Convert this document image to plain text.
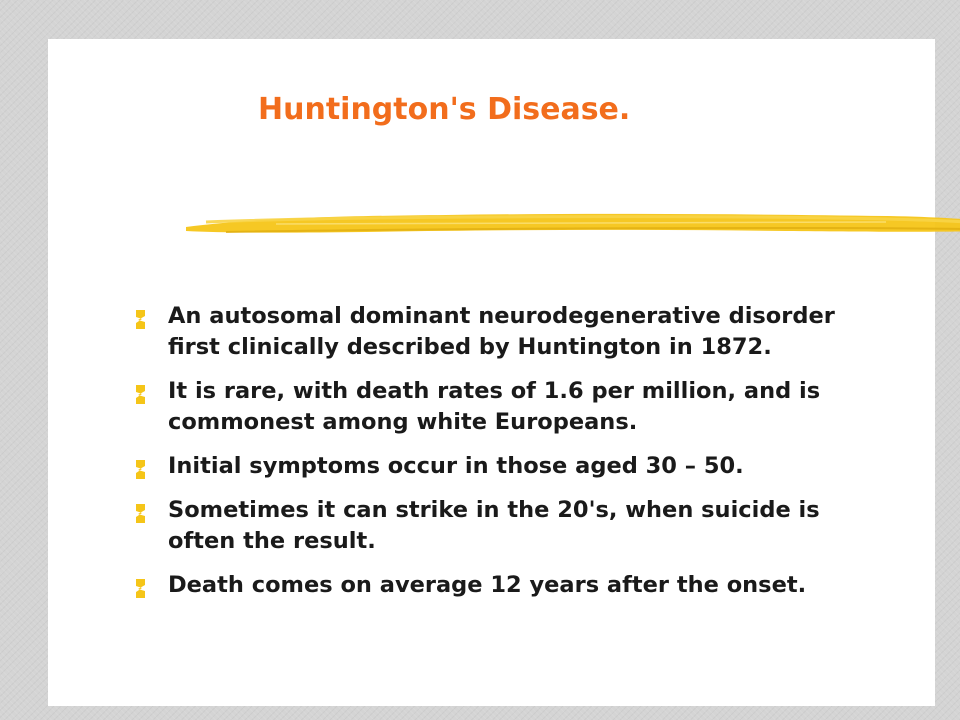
Huntington's Disease.
An autosomal dominant neurodegenerative disorder
first clinically described by Huntington in 1872.
It is rare, with death rates of 1.6 per million, and is
commonest among white Europeans.
Initial symptoms occur in those aged 30 – 50.
Sometimes it can strike in the 20's, when suicide is
often the result.
Death comes on average 12 years after the onset.
